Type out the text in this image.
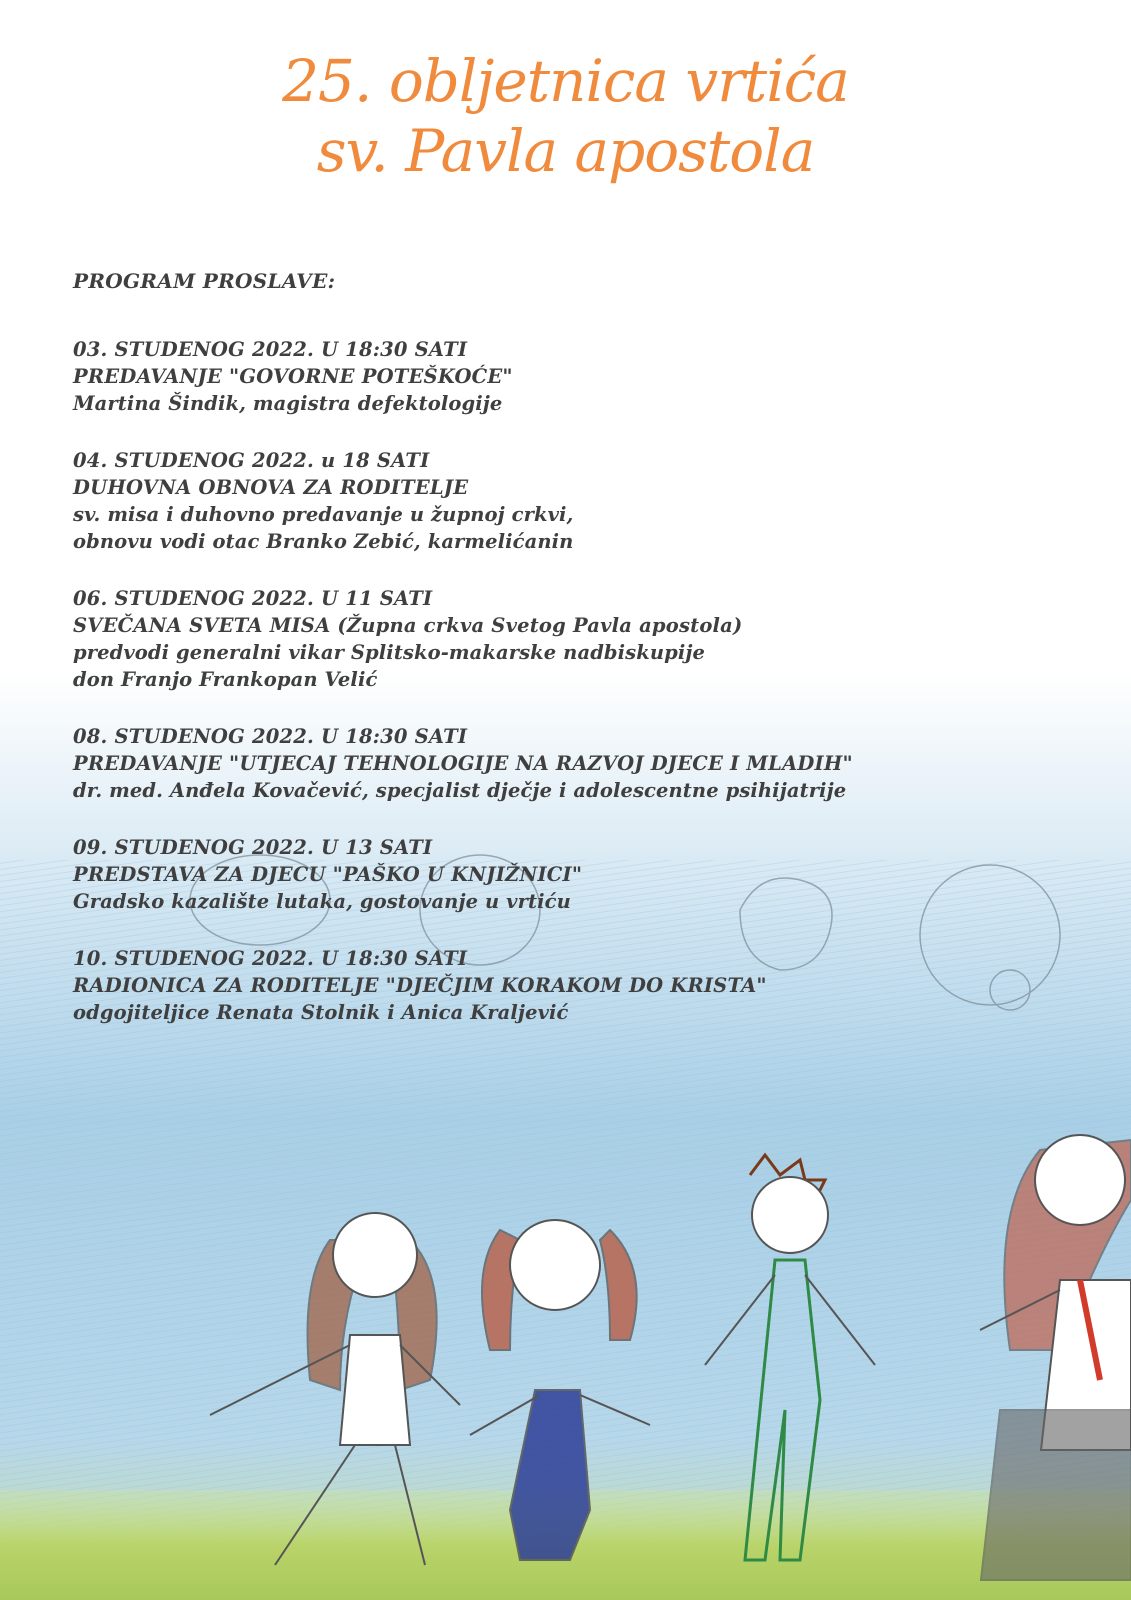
25. obljetnica vrtića
sv. Pavla apostola
PROGRAM PROSLAVE:
03. STUDENOG 2022. U 18:30 SATI
PREDAVANJE "GOVORNE POTEŠKOĆE"
Martina Šindik, magistra defektologije
04. STUDENOG 2022. u 18 SATI
DUHOVNA OBNOVA ZA RODITELJE
sv. misa i duhovno predavanje u župnoj crkvi,
obnovu vodi otac Branko Zebić, karmelićanin
06. STUDENOG 2022. U 11 SATI
SVEČANA SVETA MISA (Župna crkva Svetog Pavla apostola)
predvodi generalni vikar Splitsko-makarske nadbiskupije
don Franjo Frankopan Velić
08. STUDENOG 2022. U 18:30 SATI
PREDAVANJE "UTJECAJ TEHNOLOGIJE NA RAZVOJ DJECE I MLADIH"
dr. med. Anđela Kovačević, specjalist dječje i adolescentne psihijatrije
09. STUDENOG 2022. U 13 SATI
PREDSTAVA ZA DJECU "PAŠKO U KNJIŽNICI"
Gradsko kazalište lutaka, gostovanje u vrtiću
10. STUDENOG 2022. U 18:30 SATI
RADIONICA ZA RODITELJE "DJEČJIM KORAKOM DO KRISTA"
odgojiteljice Renata Stolnik i Anica Kraljević
